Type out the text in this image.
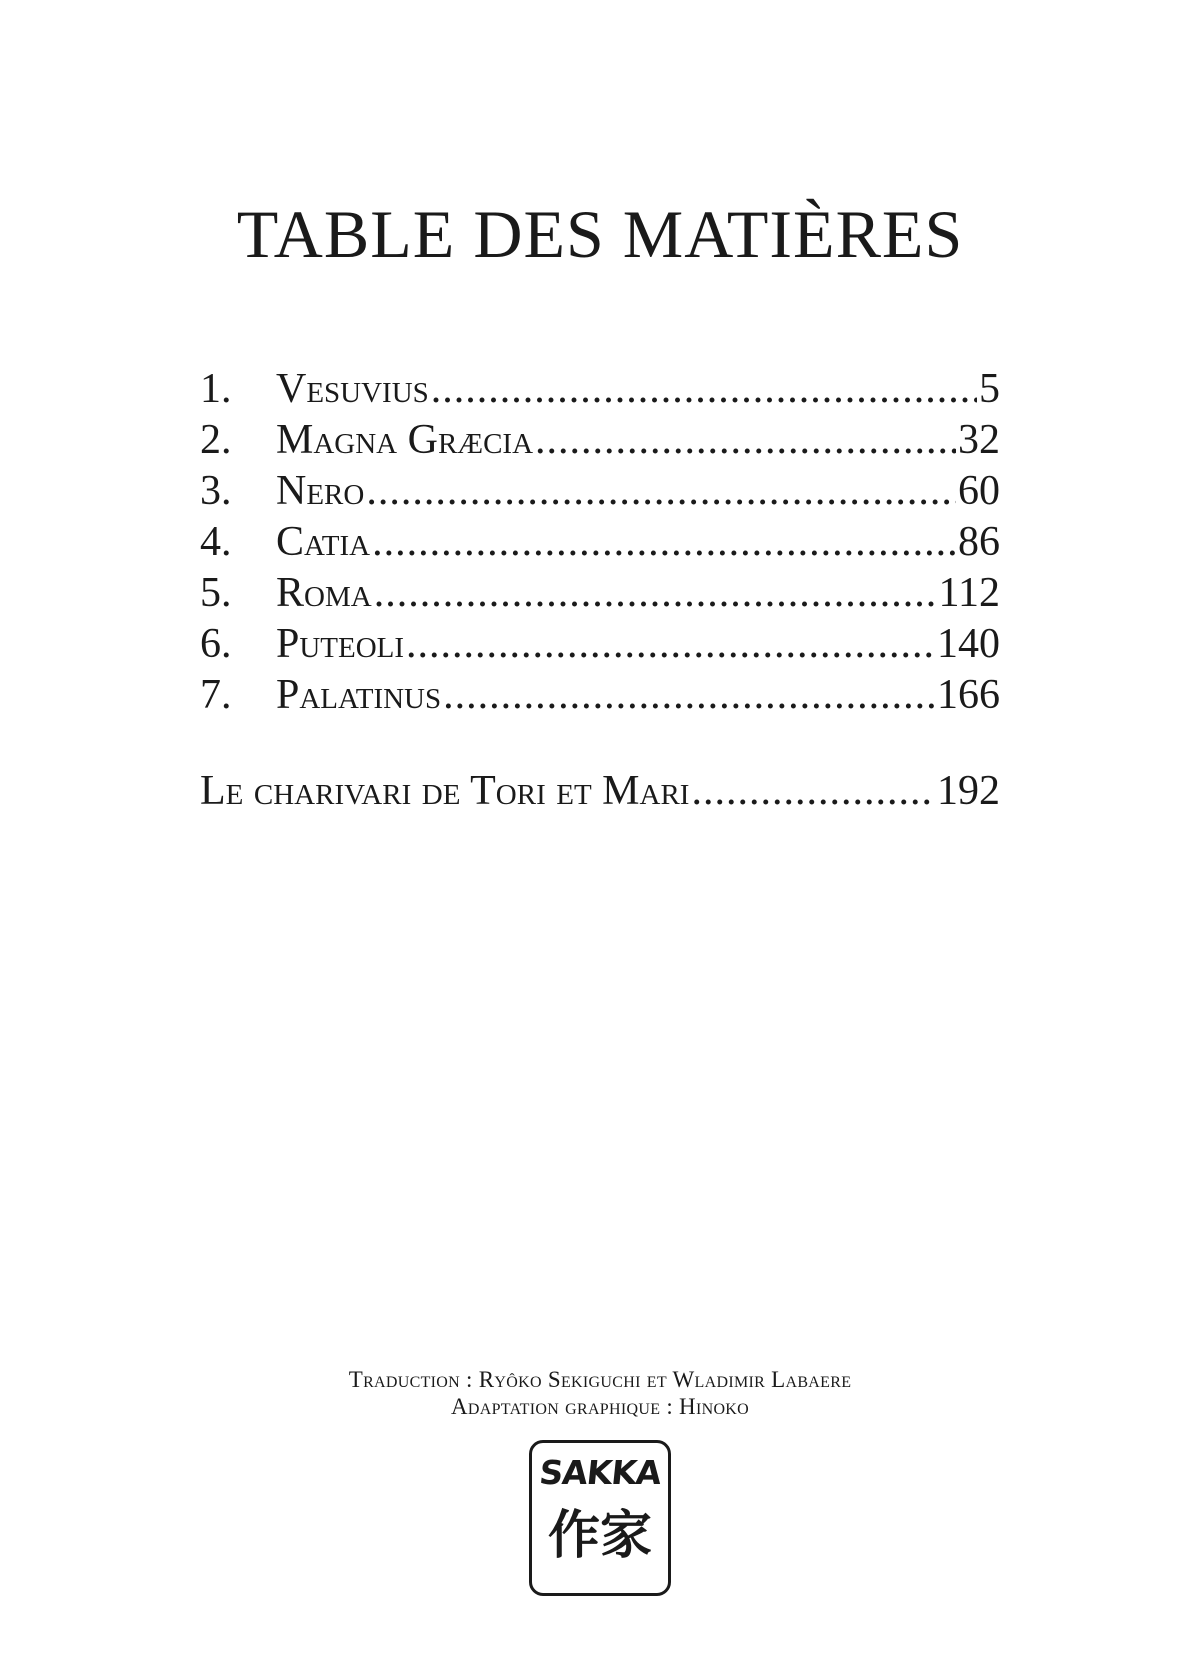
TABLE DES MATIÈRES
1.	Vesuvius .....	5
2.	Magna Græcia .....	32
3.	Nero .....	60
4.	Catia .....	86
5.	Roma .....	112
6.	Puteoli .....	140
7.	Palatinus .....	166
Le charivari de Tori et Mari .....	192
Traduction : Ryôko Sekiguchi et Wladimir Labaere
Adaptation graphique : Hinoko
SAKKA
作家
